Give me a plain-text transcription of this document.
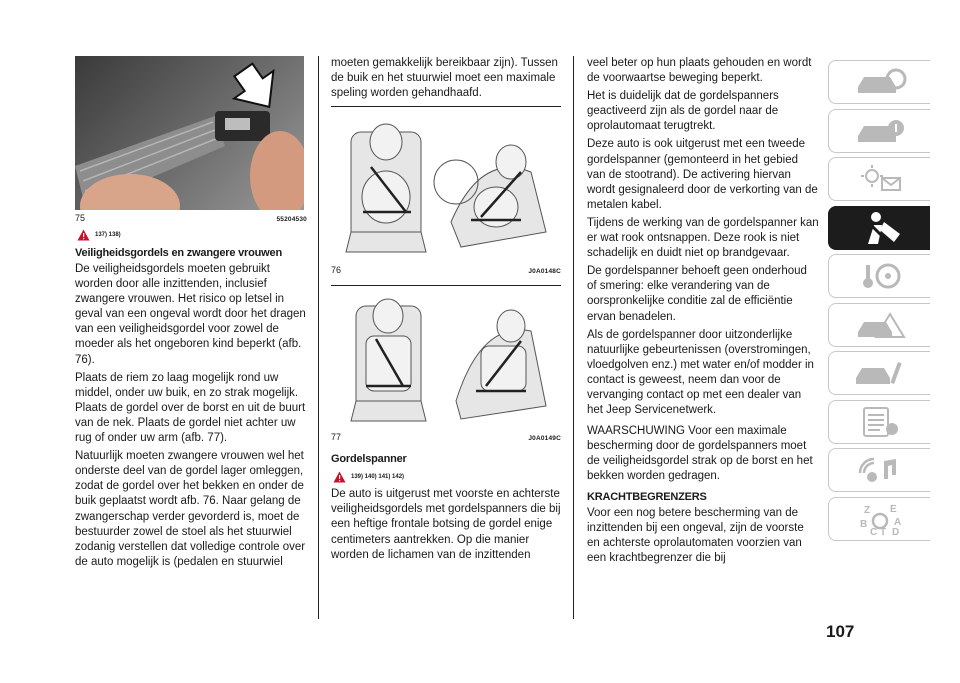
75	55204530
137) 138)
Veiligheidsgordels en zwangere vrouwen

De veiligheidsgordels moeten gebruikt worden door alle inzittenden, inclusief zwangere vrouwen. Het risico op letsel in geval van een ongeval wordt door het dragen van een veiligheidsgordel voor zowel de moeder als het ongeboren kind beperkt (afb. 76).

Plaats de riem zo laag mogelijk rond uw middel, onder uw buik, en zo strak mogelijk. Plaats de gordel over de borst en uit de buurt van de nek. Plaats de gordel niet achter uw rug of onder uw arm (afb. 77).

Natuurlijk moeten zwangere vrouwen wel het onderste deel van de gordel lager omleggen, zodat de gordel over het bekken en onder de buik geplaatst wordt afb. 76. Naar gelang de zwangerschap verder gevorderd is, moet de bestuurder zowel de stoel als het stuurwiel zodanig verstellen dat volledige controle over de auto mogelijk is (pedalen en stuurwiel

moeten gemakkelijk bereikbaar zijn). Tussen de buik en het stuurwiel moet een maximale speling worden gehandhaafd.

76	J0A0148C
77	J0A0149C
Gordelspanner
139) 140) 141) 142)

De auto is uitgerust met voorste en achterste veiligheidsgordels met gordelspanners die bij een heftige frontale botsing de gordel enige centimeters aantrekken. Op die manier worden de lichamen van de inzittenden

veel beter op hun plaats gehouden en wordt de voorwaartse beweging beperkt.

Het is duidelijk dat de gordelspanners geactiveerd zijn als de gordel naar de oprolautomaat terugtrekt.

Deze auto is ook uitgerust met een tweede gordelspanner (gemonteerd in het gebied van de stootrand). De activering hiervan wordt gesignaleerd door de verkorting van de metalen kabel.

Tijdens de werking van de gordelspanner kan er wat rook ontsnappen. Deze rook is niet schadelijk en duidt niet op brandgevaar.

De gordelspanner behoeft geen onderhoud of smering: elke verandering van de oorspronkelijke conditie zal de efficiëntie ervan benadelen.

Als de gordelspanner door uitzonderlijke natuurlijke gebeurtenissen (overstromingen, vloedgolven enz.) met water en/of modder in contact is geweest, neem dan voor de vervanging contact op met een dealer van het Jeep Servicenetwerk.

WAARSCHUWING Voor een maximale bescherming door de gordelspanners moet de veiligheidsgordel strak op de borst en het bekken worden gedragen.

KRACHTBEGRENZERS

Voor een nog betere bescherming van de inzittenden bij een ongeval, zijn de voorste en achterste oprolautomaten voorzien van een krachtbegrenzer die bij

Z E
B	A
C T D
107
